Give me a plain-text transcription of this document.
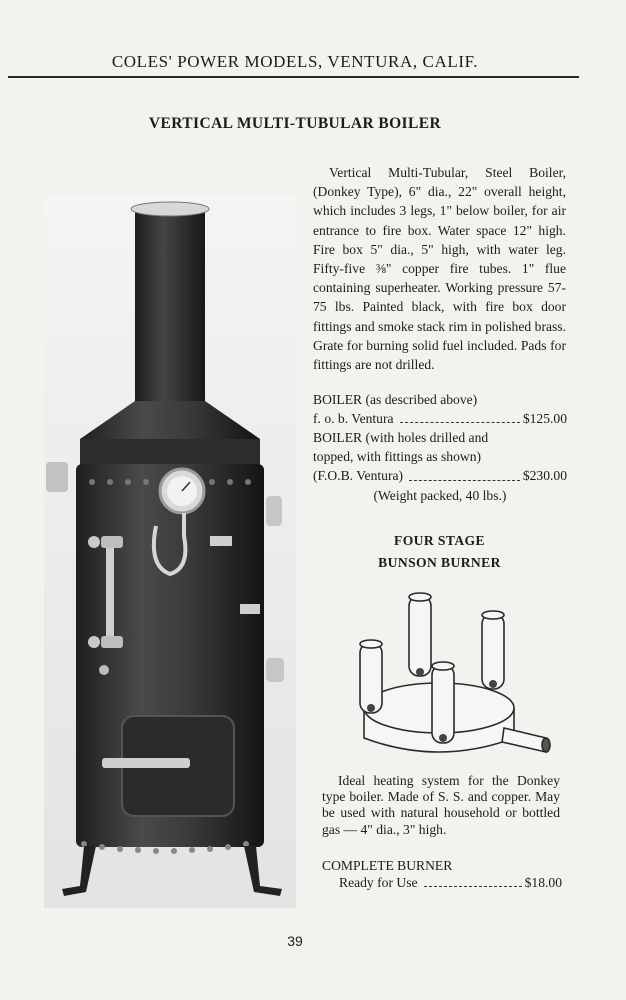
COLES' POWER MODELS, VENTURA, CALIF.
VERTICAL MULTI-TUBULAR BOILER
Vertical Multi-Tubular, Steel Boiler, (Donkey Type), 6" dia., 22" overall height, which includes 3 legs, 1" below boiler, for air entrance to fire box. Water space 12" high. Fire box 5" dia., 5" high, with water leg. Fifty-five ⅜" copper fire tubes. 1" flue containing superheater. Working pressure 57-75 lbs. Painted black, with fire box door fittings and smoke stack rim in polished brass. Grate for burning solid fuel included. Pads for fittings are not drilled.
BOILER (as described above)
f. o. b. Ventura	$125.00
BOILER (with holes drilled and
topped, with fittings as shown)
(F.O.B. Ventura)	$230.00
(Weight packed, 40 lbs.)
FOUR STAGE
BUNSON BURNER
Ideal heating system for the Donkey type boiler. Made of S. S. and copper. May be used with natural household or bottled gas — 4" dia., 3" high.
COMPLETE BURNER
Ready for Use	$18.00
39
